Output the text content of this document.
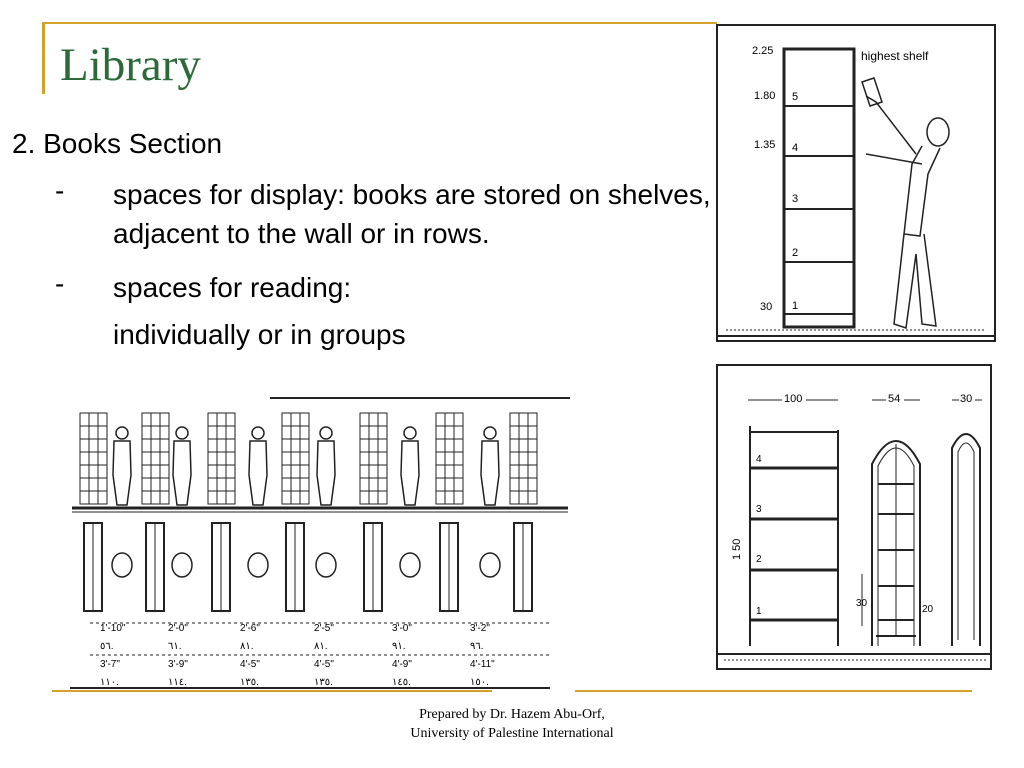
Library
2. Books Section
- spaces for display: books are stored on shelves, adjacent to the wall or in rows.
- spaces for reading:
individually or in groups
2.25
1.80
1.35
30
5
4
3
2
1
highest shelf
1'-10"	2'-0"	2'-6"	2'-5"	3'-0"	3'-2"
٥٦.	٦١.	٨١.	٨١.	٩١.	٩٦.
3'-7"	3'-9"	4'-5"	4'-5"	4'-9"	4'-11"
١١٠.	١١٤.	١٣٥.	١٣٥.	١٤٥.	١٥٠.
100	54	30
4
3
2
1
1 50
30
20
Prepared by Dr. Hazem Abu-Orf,
University of Palestine International
